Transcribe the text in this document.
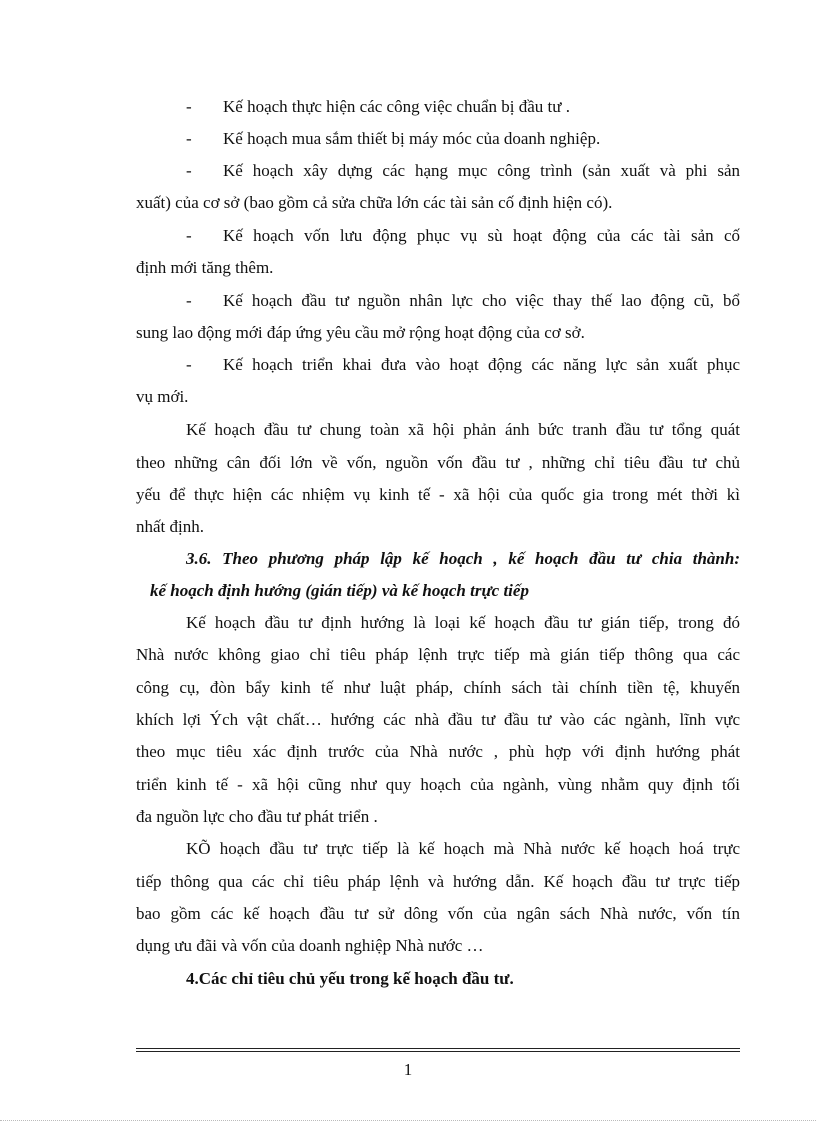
- Kế hoạch thực hiện các công việc chuẩn bị đầu tư .
- Kế hoạch mua sắm thiết bị máy móc của doanh nghiệp.
- Kế hoạch xây dựng các hạng mục công trình (sản xuất và phi sản
xuất) của cơ sở (bao gồm cả sửa chữa lớn các tài sản cố định hiện có).
- Kế hoạch vốn lưu động phục vụ sù hoạt động của các tài sản cố
định mới tăng thêm.
- Kế hoạch đầu tư nguồn nhân lực cho việc thay thế lao động cũ, bổ
sung lao động mới đáp ứng yêu cầu mở rộng hoạt động của cơ sở.
- Kế hoạch triển khai đưa vào hoạt động các năng lực sản xuất phục
vụ mới.
Kế hoạch đầu tư chung toàn xã hội phản ánh bức tranh đầu tư tổng quát
theo những cân đối lớn về vốn, nguồn vốn đầu tư , những chỉ tiêu đầu tư chủ
yếu để thực hiện các nhiệm vụ kinh tế - xã hội của quốc gia trong mét thời kì
nhất định.
3.6. Theo phương pháp lập kế hoạch , kế hoạch đầu tư chia thành:
kế hoạch định hướng (gián tiếp) và kế hoạch trực tiếp
Kế hoạch đầu tư định hướng là loại kế hoạch đầu tư gián tiếp, trong đó
Nhà nước không giao chỉ tiêu pháp lệnh trực tiếp mà gián tiếp thông qua các
công cụ, đòn bẩy kinh tế như luật pháp, chính sách tài chính tiền tệ, khuyến
khích lợi Ých vật chất… hướng các nhà đầu tư đầu tư vào các ngành, lĩnh vực
theo mục tiêu xác định trước của Nhà nước , phù hợp với định hướng phát
triển kinh tế - xã hội cũng như quy hoạch của ngành, vùng nhằm quy định tối
đa nguồn lực cho đầu tư phát triển .
KÕ hoạch đầu tư trực tiếp là kế hoạch mà Nhà nước kế hoạch hoá trực
tiếp thông qua các chỉ tiêu pháp lệnh và hướng dẫn. Kế hoạch đầu tư trực tiếp
bao gồm các kế hoạch đầu tư sử dông vốn của ngân sách Nhà nước, vốn tín
dụng ưu đãi và vốn của doanh nghiệp Nhà nước …
4.Các chỉ tiêu chủ yếu trong kế hoạch đầu tư.
1
